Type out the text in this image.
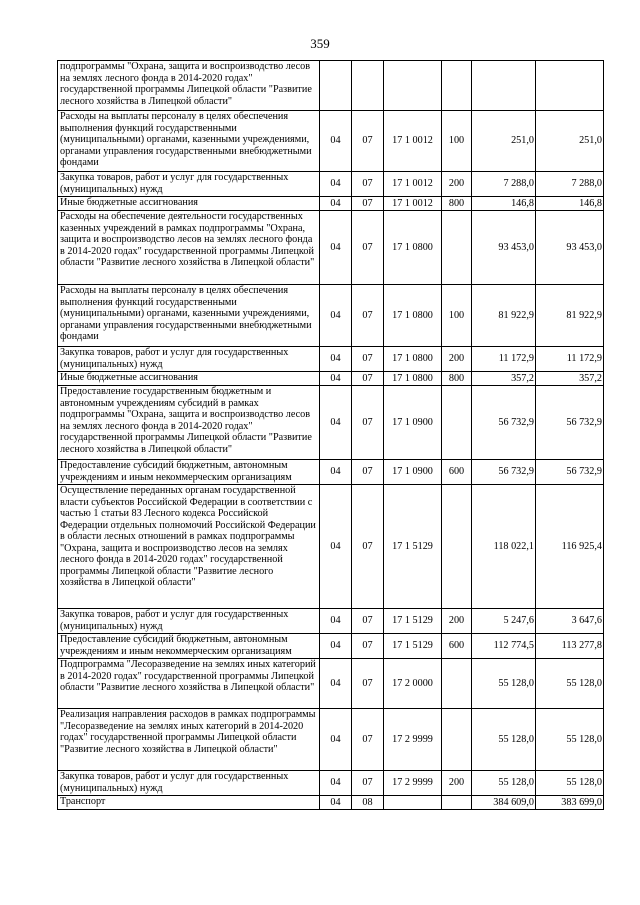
359
подпрограммы "Охрана, защита и воспроизводство лесов на землях лесного фонда в 2014-2020 годах" государственной программы Липецкой области "Развитие лесного хозяйства в Липецкой области"						
Расходы на выплаты персоналу в целях обеспечения выполнения функций государственными (муниципальными) органами, казенными учреждениями, органами управления государственными внебюджетными фондами	04	07	17 1 0012	100	251,0	251,0
Закупка товаров, работ и услуг для государственных (муниципальных) нужд	04	07	17 1 0012	200	7 288,0	7 288,0
Иные бюджетные ассигнования	04	07	17 1 0012	800	146,8	146,8
Расходы на обеспечение деятельности государственных казенных учреждений в рамках подпрограммы "Охрана, защита и воспроизводство лесов на землях лесного фонда в 2014-2020 годах" государственной программы Липецкой области "Развитие лесного хозяйства в Липецкой области"	04	07	17 1 0800		93 453,0	93 453,0
Расходы на выплаты персоналу в целях обеспечения выполнения функций государственными (муниципальными) органами, казенными учреждениями, органами управления государственными внебюджетными фондами	04	07	17 1 0800	100	81 922,9	81 922,9
Закупка товаров, работ и услуг для государственных (муниципальных) нужд	04	07	17 1 0800	200	11 172,9	11 172,9
Иные бюджетные ассигнования	04	07	17 1 0800	800	357,2	357,2
Предоставление государственным бюджетным и автономным учреждениям субсидий в рамках подпрограммы "Охрана, защита и воспроизводство лесов на землях лесного фонда в 2014-2020 годах" государственной программы Липецкой области "Развитие лесного хозяйства в Липецкой области"	04	07	17 1 0900		56 732,9	56 732,9
Предоставление субсидий бюджетным, автономным учреждениям и иным некоммерческим организациям	04	07	17 1 0900	600	56 732,9	56 732,9
Осуществление переданных органам государственной власти субъектов Российской Федерации в соответствии с частью 1 статьи 83 Лесного кодекса Российской Федерации отдельных полномочий Российской Федерации в области лесных отношений в рамках подпрограммы "Охрана, защита и воспроизводство лесов на землях лесного фонда в 2014-2020 годах" государственной программы Липецкой области "Развитие лесного хозяйства в Липецкой области"	04	07	17 1 5129		118 022,1	116 925,4
Закупка товаров, работ и услуг для государственных (муниципальных) нужд	04	07	17 1 5129	200	5 247,6	3 647,6
Предоставление субсидий бюджетным, автономным учреждениям и иным некоммерческим организациям	04	07	17 1 5129	600	112 774,5	113 277,8
Подпрограмма "Лесоразведение на землях иных категорий в 2014-2020 годах" государственной программы Липецкой области "Развитие лесного хозяйства в Липецкой области"	04	07	17 2 0000		55 128,0	55 128,0
Реализация направления расходов в рамках подпрограммы "Лесоразведение на землях иных категорий в 2014-2020 годах" государственной программы Липецкой области "Развитие лесного хозяйства в Липецкой области"	04	07	17 2 9999		55 128,0	55 128,0
Закупка товаров, работ и услуг для государственных (муниципальных) нужд	04	07	17 2 9999	200	55 128,0	55 128,0
Транспорт	04	08			384 609,0	383 699,0
